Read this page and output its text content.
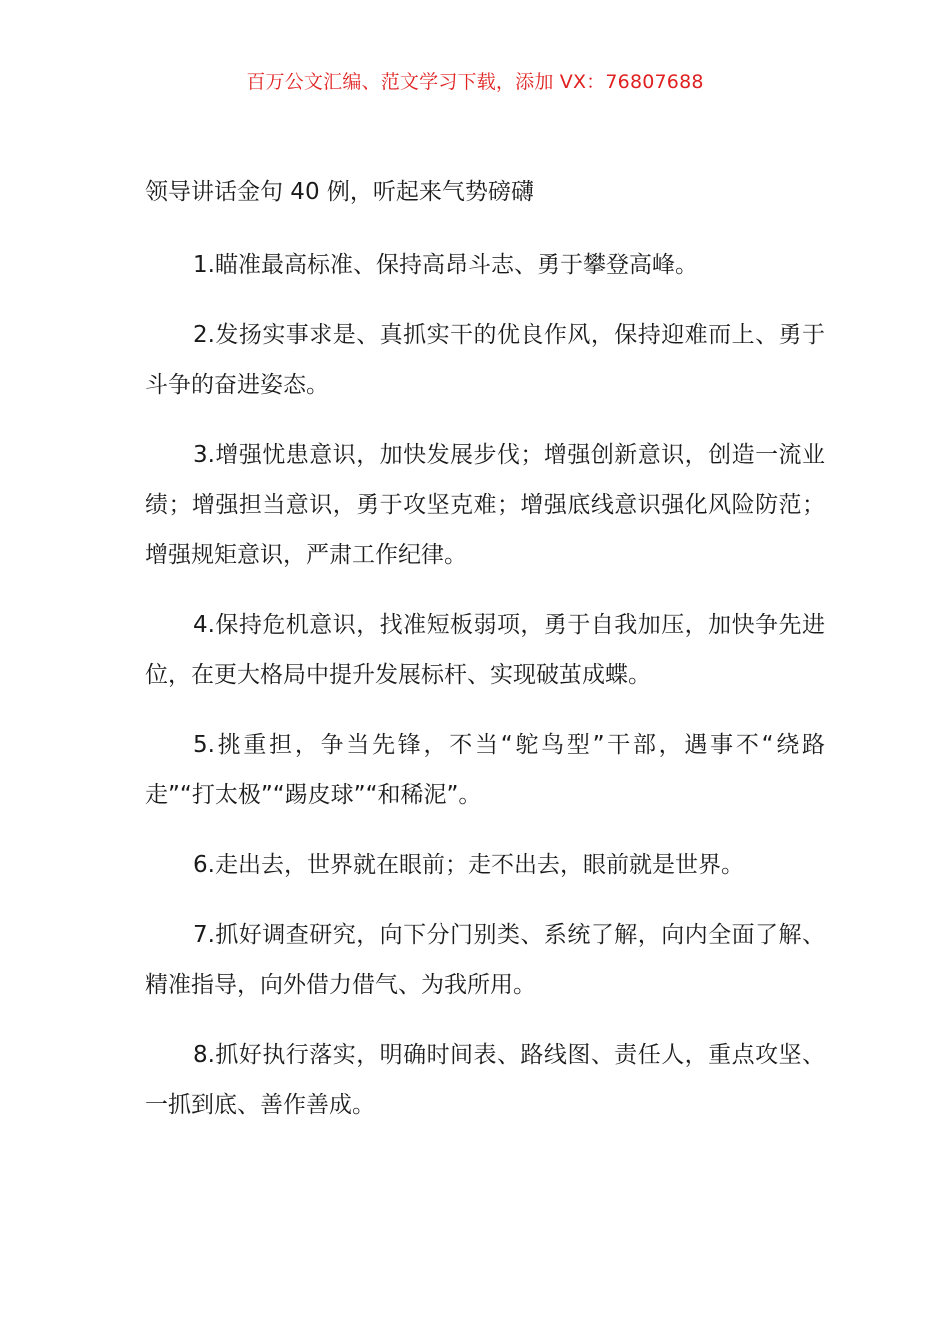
百万公文汇编、范文学习下载，添加 VX：76807688
领导讲话金句 40 例，听起来气势磅礴

1.瞄准最高标准、保持高昂斗志、勇于攀登高峰。

2.发扬实事求是、真抓实干的优良作风，保持迎难而上、勇于斗争的奋进姿态。

3.增强忧患意识，加快发展步伐；增强创新意识，创造一流业绩；增强担当意识，勇于攻坚克难；增强底线意识强化风险防范；增强规矩意识，严肃工作纪律。

4.保持危机意识，找准短板弱项，勇于自我加压，加快争先进位，在更大格局中提升发展标杆、实现破茧成蝶。

5.挑重担，争当先锋，不当“鸵鸟型”干部，遇事不“绕路走”“打太极”“踢皮球”“和稀泥”。

6.走出去，世界就在眼前；走不出去，眼前就是世界。

7.抓好调查研究，向下分门别类、系统了解，向内全面了解、精准指导，向外借力借气、为我所用。

8.抓好执行落实，明确时间表、路线图、责任人，重点攻坚、一抓到底、善作善成。
